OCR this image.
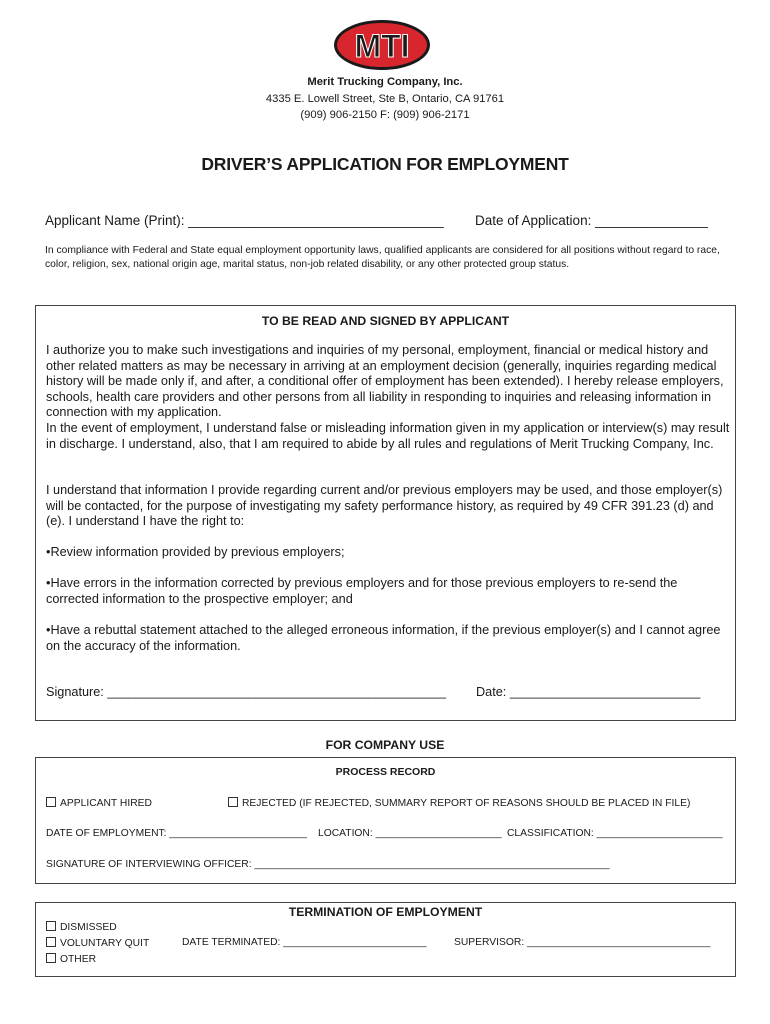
MTI
Merit Trucking Company, Inc.
4335 E. Lowell Street, Ste B, Ontario, CA 91761
(909) 906-2150 F: (909) 906-2171
DRIVER’S APPLICATION FOR EMPLOYMENT
Applicant Name (Print): __________________________________ Date of Application: _______________
In compliance with Federal and State equal employment opportunity laws, qualified applicants are considered for all positions without regard to race, color, religion, sex, national origin age, marital status, non-job related disability, or any other protected group status.
TO BE READ AND SIGNED BY APPLICANT
I authorize you to make such investigations and inquiries of my personal, employment, financial or medical history and other related matters as may be necessary in arriving at an employment decision (generally, inquiries regarding medical history will be made only if, and after, a conditional offer of employment has been extended). I hereby release employers, schools, health care providers and other persons from all liability in responding to inquiries and releasing information in connection with my application.
In the event of employment, I understand false or misleading information given in my application or interview(s) may result in discharge. I understand, also, that I am required to abide by all rules and regulations of Merit Trucking Company, Inc.
I understand that information I provide regarding current and/or previous employers may be used, and those employer(s) will be contacted, for the purpose of investigating my safety performance history, as required by 49 CFR 391.23 (d) and (e). I understand I have the right to:
•Review information provided by previous employers;
•Have errors in the information corrected by previous employers and for those previous employers to re-send the corrected information to the prospective employer; and
•Have a rebuttal statement attached to the alleged erroneous information, if the previous employer(s) and I cannot agree on the accuracy of the information.
Signature: ________________________________________________ Date: ___________________________
FOR COMPANY USE
PROCESS RECORD
APPLICANT HIRED	REJECTED (IF REJECTED, SUMMARY REPORT OF REASONS SHOULD BE PLACED IN FILE)
DATE OF EMPLOYMENT: ________________________ LOCATION: ______________________ CLASSIFICATION: ______________________
SIGNATURE OF INTERVIEWING OFFICER: ______________________________________________________________
TERMINATION OF EMPLOYMENT
DISMISSED
VOLUNTARY QUIT
OTHER
DATE TERMINATED: _________________________	SUPERVISOR: ________________________________
